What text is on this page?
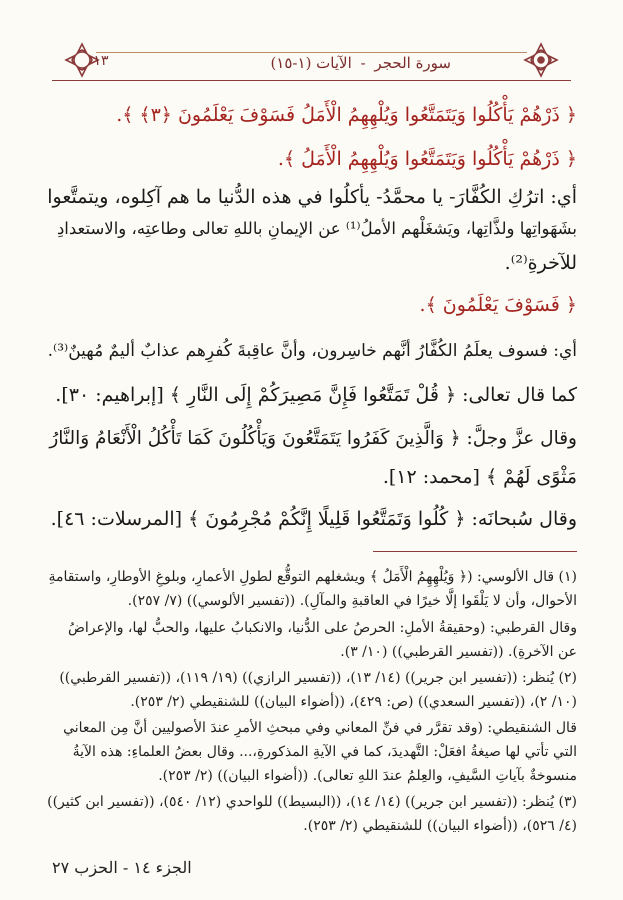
سورة الحجر - الآيات (١-١٥)
١٣
﴿ ذَرْهُمْ يَأْكُلُوا وَيَتَمَتَّعُوا وَيُلْهِهِمُ الْأَمَلُ فَسَوْفَ يَعْلَمُونَ ﴿٣﴾ ﴾.
﴿ ذَرْهُمْ يَأْكُلُوا وَيَتَمَتَّعُوا وَيُلْهِهِمُ الْأَمَلُ ﴾.
أي: اترُكِ الكُفَّارَ- يا محمَّدُ- يأكلُوا في هذه الدُّنيا ما هم آكِلوه، ويتمتَّعوا
بشَهَواتِها ولذَّاتِها، ويَشغَلْهم الأملُ⁽¹⁾ عن الإيمانِ باللهِ تعالى وطاعتِه، والاستعدادِ
للآخرةِ⁽²⁾.
﴿ فَسَوْفَ يَعْلَمُونَ ﴾.
أي: فسوف يعلَمُ الكُفَّارُ أنَّهم خاسِرون، وأنَّ عاقِبةَ كُفرِهم عذابٌ أليمٌ مُهينٌ⁽³⁾.
كما قال تعالى: ﴿ قُلْ تَمَتَّعُوا فَإِنَّ مَصِيرَكُمْ إِلَى النَّارِ ﴾ [إبراهيم: ٣٠].
وقال عزَّ وجلَّ: ﴿ وَالَّذِينَ كَفَرُوا يَتَمَتَّعُونَ وَيَأْكُلُونَ كَمَا تَأْكُلُ الْأَنْعَامُ وَالنَّارُ
مَثْوًى لَهُمْ ﴾ [محمد: ١٢].
وقال سُبحانَه: ﴿ كُلُوا وَتَمَتَّعُوا قَلِيلًا إِنَّكُمْ مُجْرِمُونَ ﴾ [المرسلات: ٤٦].
(١) قال الألوسي: (﴿ وَيُلْهِهِمُ الْأَمَلُ ﴾ ويشغلهم التوقُّع لطولِ الأعمارِ، وبلوغِ الأوطارِ، واستقامةِ
الأحوال، وأن لا يَلْقَوا إلَّا خيرًا في العاقبةِ والمآلِ). ((تفسير الألوسي)) (٧/ ٢٥٧).
وقال القرطبي: (وحقيقةُ الأملِ: الحرصُ على الدُّنيا، والانكبابُ عليها، والحبُّ لها، والإعراضُ
عن الآخرةِ). ((تفسير القرطبي)) (١٠/ ٣).
(٢) يُنظر: ((تفسير ابن جرير)) (١٤/ ١٣)، ((تفسير الرازي)) (١٩/ ١١٩)، ((تفسير القرطبي))
(١٠/ ٢)، ((تفسير السعدي)) (ص: ٤٢٩)، ((أضواء البيان)) للشنقيطي (٢/ ٢٥٣).
قال الشنقيطي: (وقد تقرَّر في فنِّ المعاني وفي مبحثِ الأمرِ عندَ الأصوليين أنَّ مِن المعاني
التي تأتي لها صيغةُ افعَلْ: التَّهديدَ، كما في الآيةِ المذكورةِ،... وقال بعضُ العلماءِ: هذه الآيةُ
منسوخةٌ بآياتِ السَّيفِ، والعِلمُ عندَ اللهِ تعالى). ((أضواء البيان)) (٢/ ٢٥٣).
(٣) يُنظر: ((تفسير ابن جرير)) (١٤/ ١٤)، ((البسيط)) للواحدي (١٢/ ٥٤٠)، ((تفسير ابن كثير))
(٤/ ٥٢٦)، ((أضواء البيان)) للشنقيطي (٢/ ٢٥٣).
الجزء ١٤ - الحزب ٢٧
